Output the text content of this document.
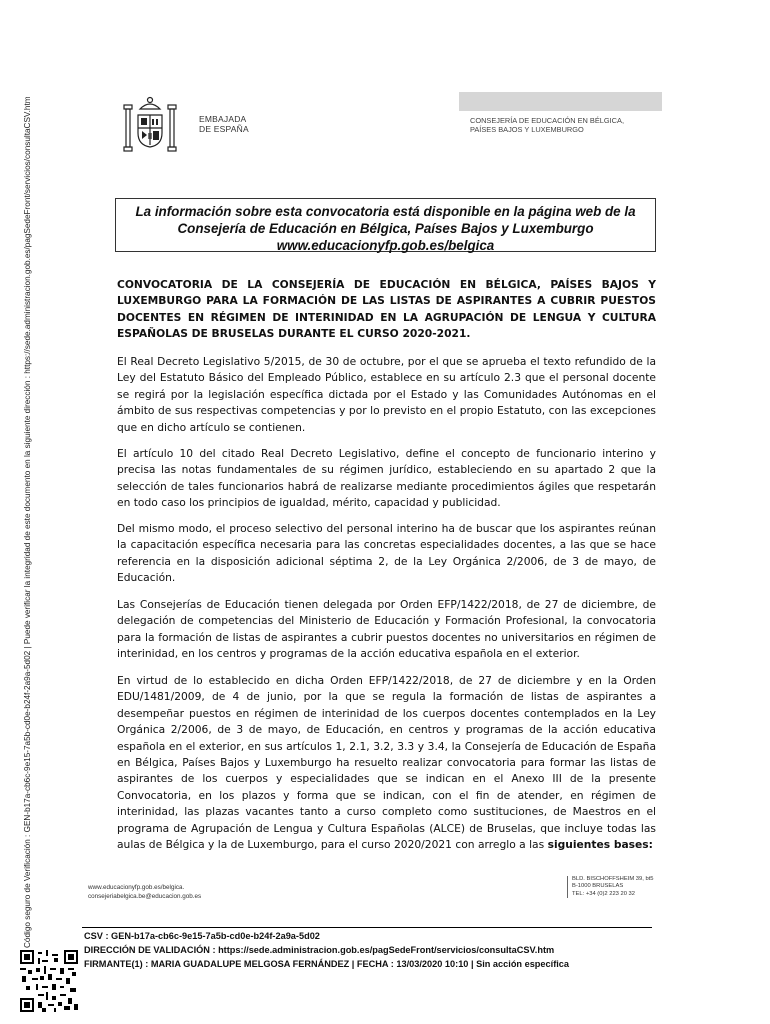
Código seguro de Verificación : GEN-b17a-cb6c-9e15-7a5b-cd0e-b24f-2a9a-5d02 | Puede verificar la integridad de este documento en la siguiente dirección : https://sede.administracion.gob.es/pagSedeFront/servicios/consultaCSV.htm	EMBAJADA
DE ESPAÑA
CONSEJERÍA DE EDUCACIÓN EN BÉLGICA,
PAÍSES BAJOS Y LUXEMBURGO
La información sobre esta convocatoria está disponible en la página web de la
Consejería de Educación en Bélgica, Países Bajos y Luxemburgo
www.educacionyfp.gob.es/belgica
CONVOCATORIA DE LA CONSEJERÍA DE EDUCACIÓN EN BÉLGICA, PAÍSES BAJOS Y LUXEMBURGO PARA LA FORMACIÓN DE LAS LISTAS DE ASPIRANTES A CUBRIR PUESTOS DOCENTES EN RÉGIMEN DE INTERINIDAD EN LA AGRUPACIÓN DE LENGUA Y CULTURA ESPAÑOLAS DE BRUSELAS DURANTE EL CURSO 2020-2021.
El Real Decreto Legislativo 5/2015, de 30 de octubre, por el que se aprueba el texto refundido de la Ley del Estatuto Básico del Empleado Público, establece en su artículo 2.3 que el personal docente se regirá por la legislación específica dictada por el Estado y las Comunidades Autónomas en el ámbito de sus respectivas competencias y por lo previsto en el propio Estatuto, con las excepciones que en dicho artículo se contienen.
El artículo 10 del citado Real Decreto Legislativo, define el concepto de funcionario interino y precisa las notas fundamentales de su régimen jurídico, estableciendo en su apartado 2 que la selección de tales funcionarios habrá de realizarse mediante procedimientos ágiles que respetarán en todo caso los principios de igualdad, mérito, capacidad y publicidad.
Del mismo modo, el proceso selectivo del personal interino ha de buscar que los aspirantes reúnan la capacitación específica necesaria para las concretas especialidades docentes, a las que se hace referencia en la disposición adicional séptima 2, de la Ley Orgánica 2/2006, de 3 de mayo, de Educación.
Las Consejerías de Educación tienen delegada por Orden EFP/1422/2018, de 27 de diciembre, de delegación de competencias del Ministerio de Educación y Formación Profesional, la convocatoria para la formación de listas de aspirantes a cubrir puestos docentes no universitarios en régimen de interinidad, en los centros y programas de la acción educativa española en el exterior.
En virtud de lo establecido en dicha Orden EFP/1422/2018, de 27 de diciembre y en la Orden EDU/1481/2009, de 4 de junio, por la que se regula la formación de listas de aspirantes a desempeñar puestos en régimen de interinidad de los cuerpos docentes contemplados en la Ley Orgánica 2/2006, de 3 de mayo, de Educación, en centros y programas de la acción educativa española en el exterior, en sus artículos 1, 2.1, 3.2, 3.3 y 3.4, la Consejería de Educación de España en Bélgica, Países Bajos y Luxemburgo ha resuelto realizar convocatoria para formar las listas de aspirantes de los cuerpos y especialidades que se indican en el Anexo III de la presente Convocatoria, en los plazos y forma que se indican, con el fin de atender, en régimen de interinidad, las plazas vacantes tanto a curso completo como sustituciones, de Maestros en el programa de Agrupación de Lengua y Cultura Españolas (ALCE) de Bruselas, que incluye todas las aulas de Bélgica y la de Luxemburgo, para el curso 2020/2021 con arreglo a las siguientes bases:
www.educacionyfp.gob.es/belgica.
consejeriabelgica.be@educacion.gob.es
BLD. BISCHOFFSHEIM 39, bt5
B-1000 BRUSELAS
TEL: +34 (0)2 223 20 32
CSV : GEN-b17a-cb6c-9e15-7a5b-cd0e-b24f-2a9a-5d02
DIRECCIÓN DE VALIDACIÓN : https://sede.administracion.gob.es/pagSedeFront/servicios/consultaCSV.htm
FIRMANTE(1) : MARIA GUADALUPE MELGOSA FERNÁNDEZ | FECHA : 13/03/2020 10:10 | Sin acción específica
